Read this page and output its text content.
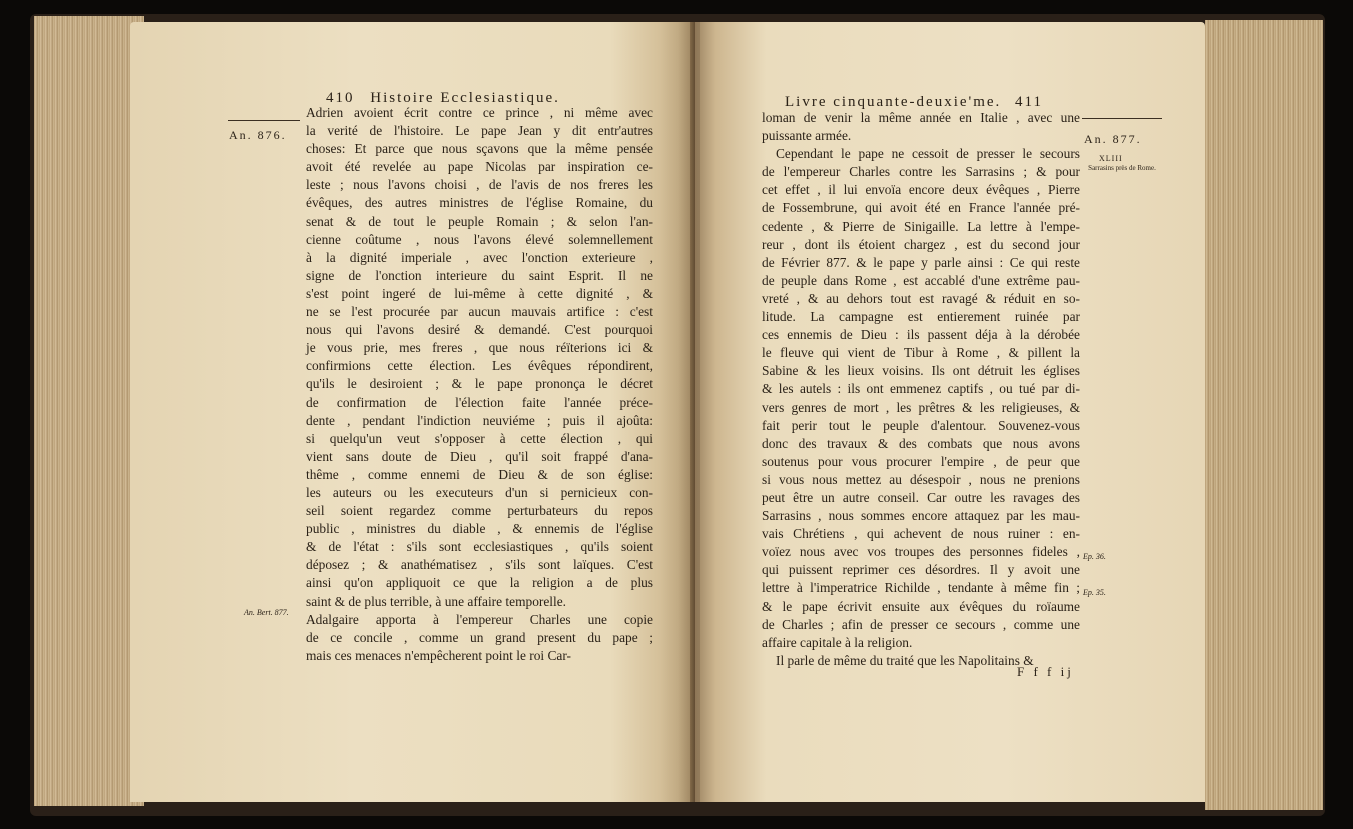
410 Histoire Ecclesiastique.
An. 876.
An. Bert. 877.
Adrien avoient écrit contre ce prince , ni même avec
la verité de l'histoire. Le pape Jean y dit entr'autres
choses: Et parce que nous sçavons que la même pensée
avoit été revelée au pape Nicolas par inspiration ce-
leste ; nous l'avons choisi , de l'avis de nos freres les
évêques, des autres ministres de l'église Romaine, du
senat & de tout le peuple Romain ; & selon l'an-
cienne coûtume , nous l'avons élevé solemnellement
à la dignité imperiale , avec l'onction exterieure ,
signe de l'onction interieure du saint Esprit. Il ne
s'est point ingeré de lui-même à cette dignité , &
ne se l'est procurée par aucun mauvais artifice : c'est
nous qui l'avons desiré & demandé. C'est pourquoi
je vous prie, mes freres , que nous réïterions ici &
confirmions cette élection. Les évêques répondirent,
qu'ils le desiroient ; & le pape prononça le décret
de confirmation de l'élection faite l'année préce-
dente , pendant l'indiction neuviéme ; puis il ajoûta:
si quelqu'un veut s'opposer à cette élection , qui
vient sans doute de Dieu , qu'il soit frappé d'ana-
thême , comme ennemi de Dieu & de son église:
les auteurs ou les executeurs d'un si pernicieux con-
seil soient regardez comme perturbateurs du repos
public , ministres du diable , & ennemis de l'église
& de l'état : s'ils sont ecclesiastiques , qu'ils soient
déposez ; & anathématisez , s'ils sont laïques. C'est
ainsi qu'on appliquoit ce que la religion a de plus
saint & de plus terrible, à une affaire temporelle.
Adalgaire apporta à l'empereur Charles une copie
de ce concile , comme un grand present du pape ;
mais ces menaces n'empêcherent point le roi Car-
Livre cinquante-deuxie'me. 411
An. 877.
XLIII
Sarrasins près de Rome.
Ep. 36.
Ep. 35.
loman de venir la même année en Italie , avec une
puissante armée.
Cependant le pape ne cessoit de presser le secours
de l'empereur Charles contre les Sarrasins ; & pour
cet effet , il lui envoïa encore deux évêques , Pierre
de Fossembrune, qui avoit été en France l'année pré-
cedente , & Pierre de Sinigaille. La lettre à l'empe-
reur , dont ils étoient chargez , est du second jour
de Février 877. & le pape y parle ainsi : Ce qui reste
de peuple dans Rome , est accablé d'une extrême pau-
vreté , & au dehors tout est ravagé & réduit en so-
litude. La campagne est entierement ruinée par
ces ennemis de Dieu : ils passent déja à la dérobée
le fleuve qui vient de Tibur à Rome , & pillent la
Sabine & les lieux voisins. Ils ont détruit les églises
& les autels : ils ont emmenez captifs , ou tué par di-
vers genres de mort , les prêtres & les religieuses, &
fait perir tout le peuple d'alentour. Souvenez-vous
donc des travaux & des combats que nous avons
soutenus pour vous procurer l'empire , de peur que
si vous nous mettez au désespoir , nous ne prenions
peut être un autre conseil. Car outre les ravages des
Sarrasins , nous sommes encore attaquez par les mau-
vais Chrétiens , qui achevent de nous ruiner : en-
voïez nous avec vos troupes des personnes fideles ,
qui puissent reprimer ces désordres. Il y avoit une
lettre à l'imperatrice Richilde , tendante à même fin ;
& le pape écrivit ensuite aux évêques du roïaume
de Charles ; afin de presser ce secours , comme une
affaire capitale à la religion.
Il parle de même du traité que les Napolitains &
F f f ij
